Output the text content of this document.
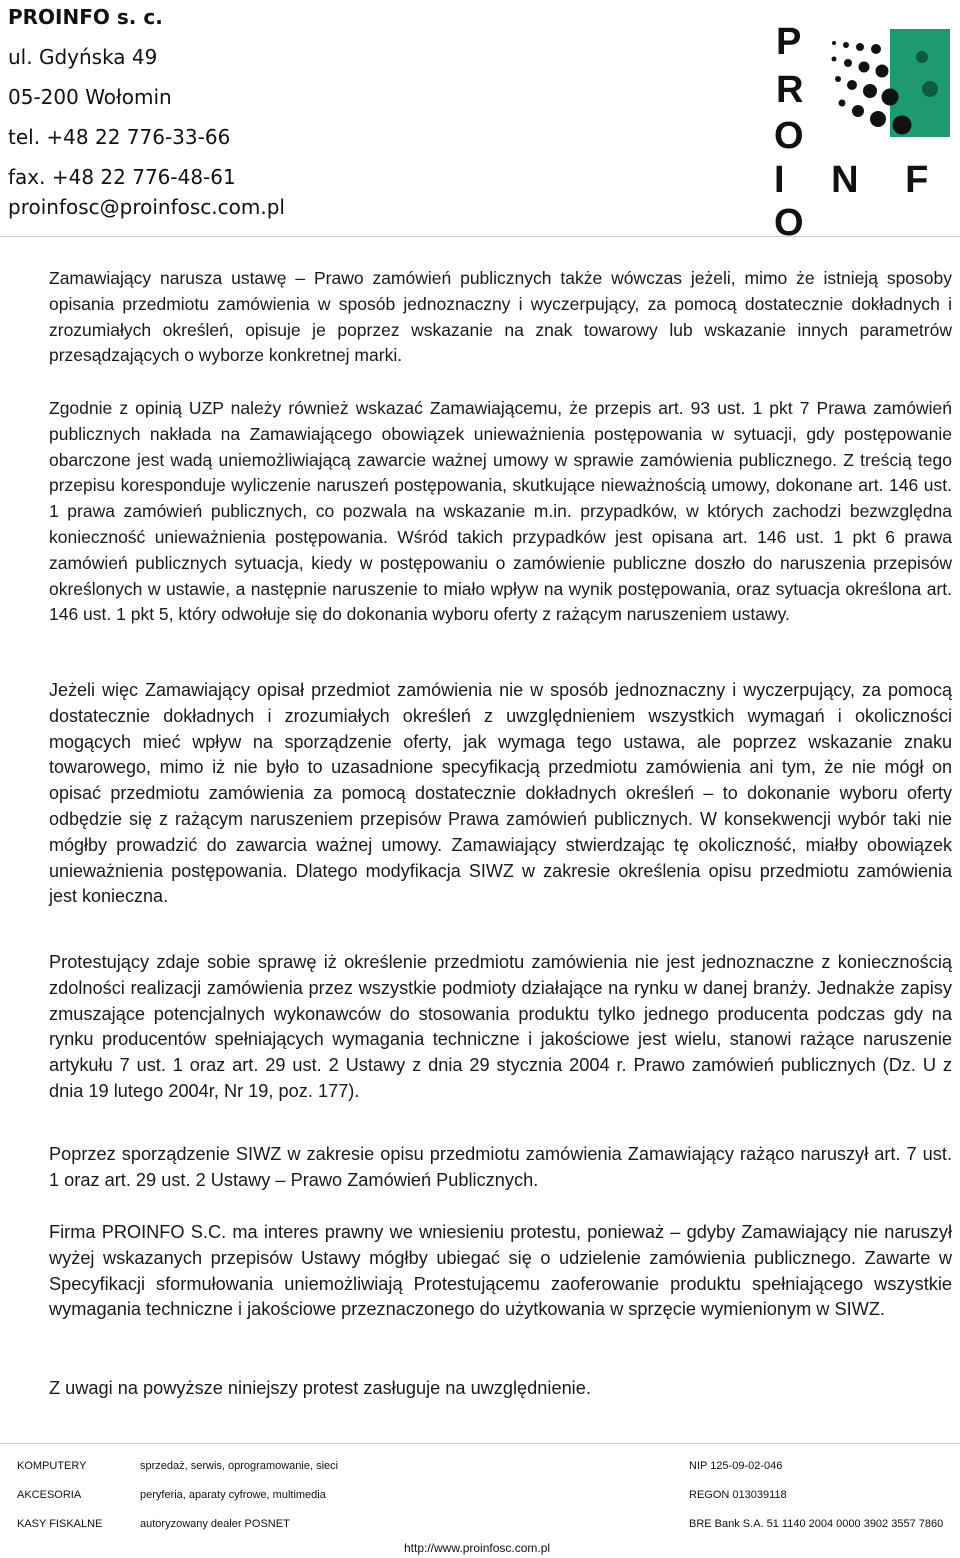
PROINFO s. c.
ul. Gdyńska 49
05-200 Wołomin
tel. +48 22 776-33-66
fax. +48 22 776-48-61
proinfosc@proinfosc.com.pl
P
R
O
I N F O

Zamawiający narusza ustawę – Prawo zamówień publicznych także wówczas jeżeli, mimo że istnieją sposoby opisania przedmiotu zamówienia w sposób jednoznaczny i wyczerpujący, za pomocą dostatecznie dokładnych i zrozumiałych określeń, opisuje je poprzez wskazanie na znak towarowy lub wskazanie innych parametrów przesądzających o wyborze konkretnej marki.

Zgodnie z opinią UZP należy również wskazać Zamawiającemu, że przepis art. 93 ust. 1 pkt 7 Prawa zamówień publicznych nakłada na Zamawiającego obowiązek unieważnienia postępowania w sytuacji, gdy postępowanie obarczone jest wadą uniemożliwiającą zawarcie ważnej umowy w sprawie zamówienia publicznego. Z treścią tego przepisu koresponduje wyliczenie naruszeń postępowania, skutkujące nieważnością umowy, dokonane art. 146 ust. 1 prawa zamówień publicznych, co pozwala na wskazanie m.in. przypadków, w których zachodzi bezwzględna konieczność unieważnienia postępowania. Wśród takich przypadków jest opisana art. 146 ust. 1 pkt 6 prawa zamówień publicznych sytuacja, kiedy w postępowaniu o zamówienie publiczne doszło do naruszenia przepisów określonych w ustawie, a następnie naruszenie to miało wpływ na wynik postępowania, oraz sytuacja określona art. 146 ust. 1 pkt 5, który odwołuje się do dokonania wyboru oferty z rażącym naruszeniem ustawy.

Jeżeli więc Zamawiający opisał przedmiot zamówienia nie w sposób jednoznaczny i wyczerpujący, za pomocą dostatecznie dokładnych i zrozumiałych określeń z uwzględnieniem wszystkich wymagań i okoliczności mogących mieć wpływ na sporządzenie oferty, jak wymaga tego ustawa, ale poprzez wskazanie znaku towarowego, mimo iż nie było to uzasadnione specyfikacją przedmiotu zamówienia ani tym, że nie mógł on opisać przedmiotu zamówienia za pomocą dostatecznie dokładnych określeń – to dokonanie wyboru oferty odbędzie się z rażącym naruszeniem przepisów Prawa zamówień publicznych. W konsekwencji wybór taki nie mógłby prowadzić do zawarcia ważnej umowy. Zamawiający stwierdzając tę okoliczność, miałby obowiązek unieważnienia postępowania. Dlatego modyfikacja SIWZ w zakresie określenia opisu przedmiotu zamówienia jest konieczna.

Protestujący zdaje sobie sprawę iż określenie przedmiotu zamówienia nie jest jednoznaczne z koniecznością zdolności realizacji zamówienia przez wszystkie podmioty działające na rynku w danej branży. Jednakże zapisy zmuszające potencjalnych wykonawców do stosowania produktu tylko jednego producenta podczas gdy na rynku producentów spełniających wymagania techniczne i jakościowe jest wielu, stanowi rażące naruszenie artykułu 7 ust. 1 oraz art. 29 ust. 2 Ustawy z dnia 29 stycznia 2004 r. Prawo zamówień publicznych (Dz. U z dnia 19 lutego 2004r, Nr 19, poz. 177).

Poprzez sporządzenie SIWZ w zakresie opisu przedmiotu zamówienia Zamawiający rażąco naruszył art. 7 ust. 1 oraz art. 29 ust. 2 Ustawy – Prawo Zamówień Publicznych.

Firma PROINFO S.C. ma interes prawny we wniesieniu protestu, ponieważ – gdyby Zamawiający nie naruszył wyżej wskazanych przepisów Ustawy mógłby ubiegać się o udzielenie zamówienia publicznego. Zawarte w Specyfikacji sformułowania uniemożliwiają Protestującemu zaoferowanie produktu spełniającego wszystkie wymagania techniczne i jakościowe przeznaczonego do użytkowania w sprzęcie wymienionym w SIWZ.

Z uwagi na powyższe niniejszy protest zasługuje na uwzględnienie.

KOMPUTERY	sprzedaż, serwis, oprogramowanie, sieci	NIP 125-09-02-046
AKCESORIA	peryferia, aparaty cyfrowe, multimedia	REGON 013039118
KASY FISKALNE	autoryzowany dealer POSNET	BRE Bank S.A. 51 1140 2004 0000 3902 3557 7860
http://www.proinfosc.com.pl
